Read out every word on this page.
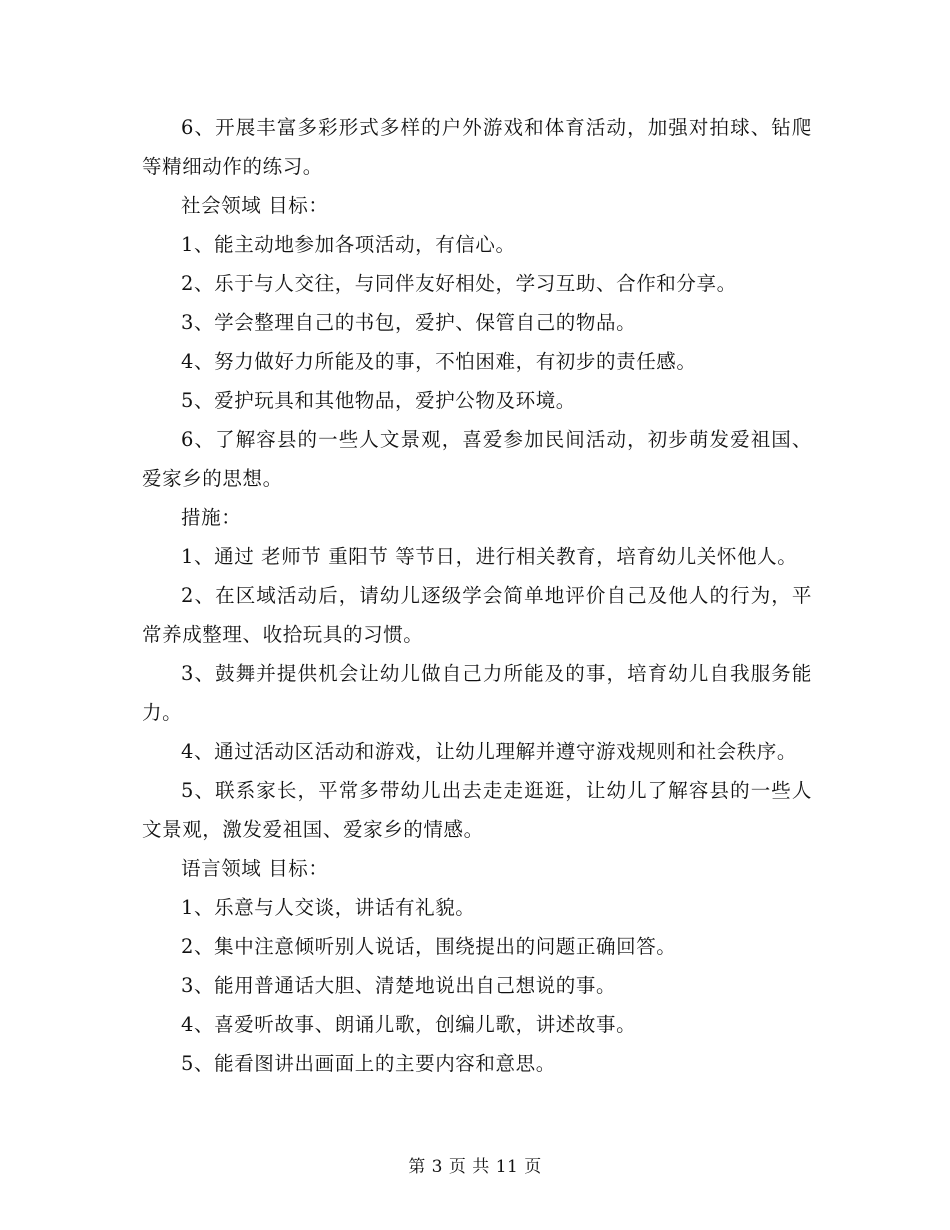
6、开展丰富多彩形式多样的户外游戏和体育活动，加强对拍球、钻爬等精细动作的练习。

社会领域 目标：

1、能主动地参加各项活动，有信心。

2、乐于与人交往，与同伴友好相处，学习互助、合作和分享。

3、学会整理自己的书包，爱护、保管自己的物品。

4、努力做好力所能及的事，不怕困难，有初步的责任感。

5、爱护玩具和其他物品，爱护公物及环境。

6、了解容县的一些人文景观，喜爱参加民间活动，初步萌发爱祖国、爱家乡的思想。

措施：

1、通过 老师节 重阳节 等节日，进行相关教育，培育幼儿关怀他人。

2、在区域活动后，请幼儿逐级学会简单地评价自己及他人的行为，平常养成整理、收拾玩具的习惯。

3、鼓舞并提供机会让幼儿做自己力所能及的事，培育幼儿自我服务能力。

4、通过活动区活动和游戏，让幼儿理解并遵守游戏规则和社会秩序。

5、联系家长，平常多带幼儿出去走走逛逛，让幼儿了解容县的一些人文景观，激发爱祖国、爱家乡的情感。

语言领域 目标：

1、乐意与人交谈，讲话有礼貌。

2、集中注意倾听别人说话，围绕提出的问题正确回答。

3、能用普通话大胆、清楚地说出自己想说的事。

4、喜爱听故事、朗诵儿歌，创编儿歌，讲述故事。

5、能看图讲出画面上的主要内容和意思。

第 3 页 共 11 页
